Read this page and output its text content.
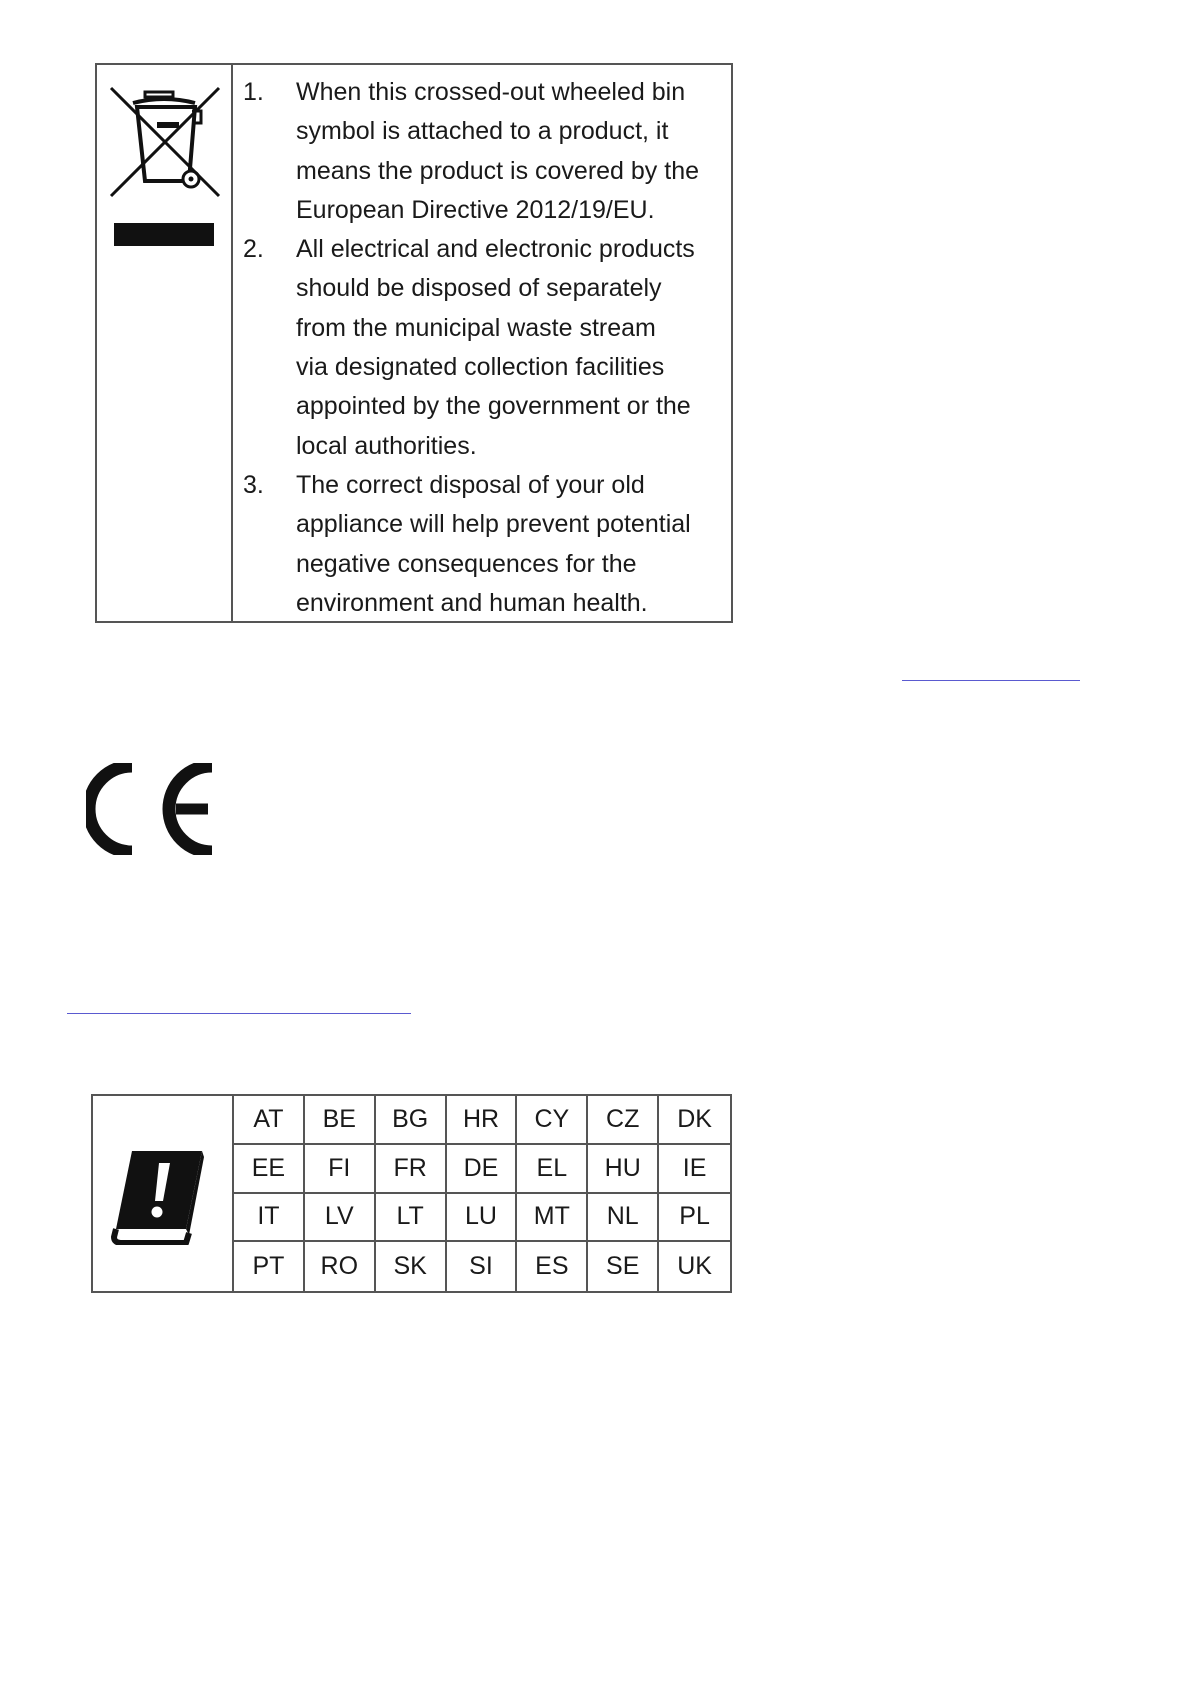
1.	When this crossed-out wheeled bin
symbol is attached to a product, it
means the product is covered by the
European Directive 2012/19/EU.
2.	All electrical and electronic products
should be disposed of separately
from the municipal waste stream
via designated collection facilities
appointed by the government or the
local authorities.
3.	The correct disposal of your old
appliance will help prevent potential
negative consequences for the
environment and human health.
AT	BE	BG	HR	CY	CZ	DK
EE	FI	FR	DE	EL	HU	IE
IT	LV	LT	LU	MT	NL	PL
PT	RO	SK	SI	ES	SE	UK
